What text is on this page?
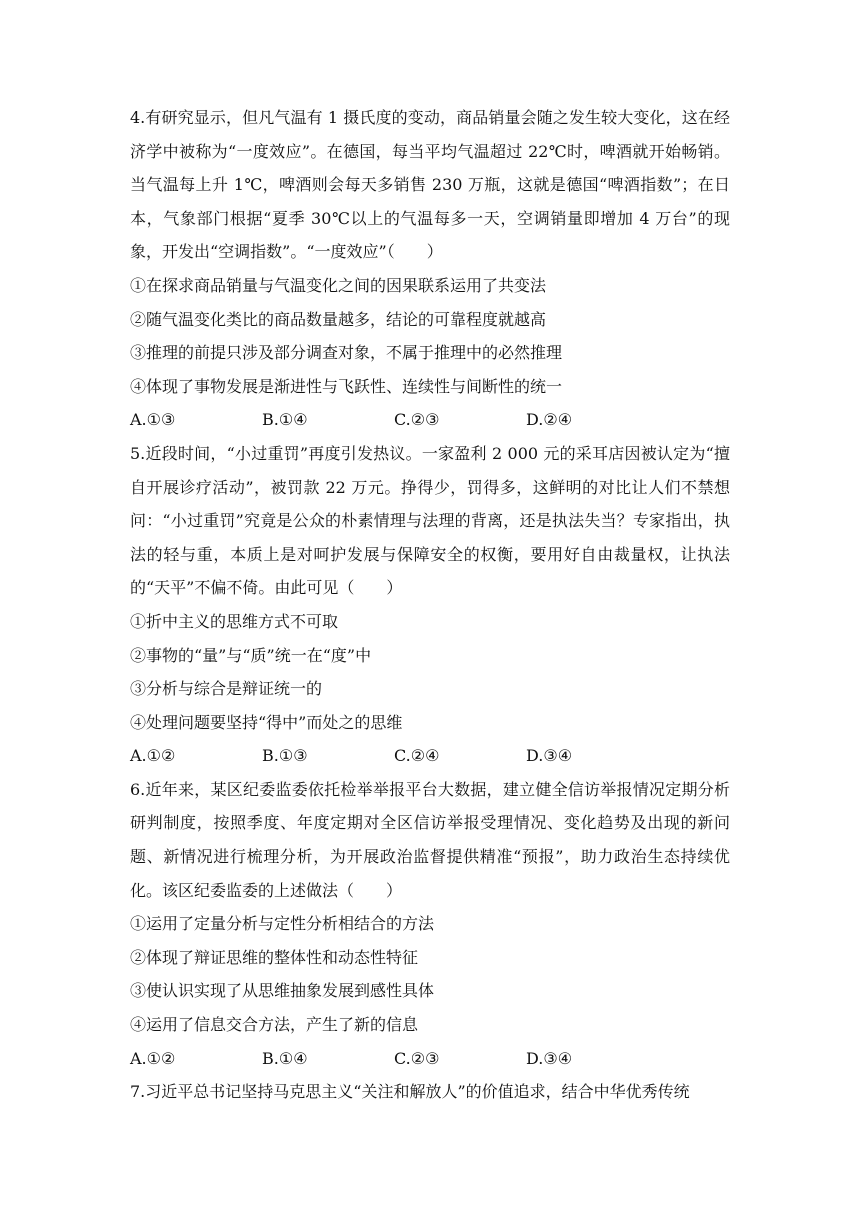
4.有研究显示，但凡气温有 1 摄氏度的变动，商品销量会随之发生较大变化，这在经济学中被称为“一度效应”。在德国，每当平均气温超过 22℃时，啤酒就开始畅销。当气温每上升 1℃，啤酒则会每天多销售 230 万瓶，这就是德国“啤酒指数”；在日本，气象部门根据“夏季 30℃以上的气温每多一天，空调销量即增加 4 万台”的现象，开发出“空调指数”。“一度效应”（　　）

①在探求商品销量与气温变化之间的因果联系运用了共变法

②随气温变化类比的商品数量越多，结论的可靠程度就越高

③推理的前提只涉及部分调查对象，不属于推理中的必然推理

④体现了事物发展是渐进性与飞跃性、连续性与间断性的统一

A.①③	B.①④	C.②③	D.②④

5.近段时间，“小过重罚”再度引发热议。一家盈利 2 000 元的采耳店因被认定为“擅自开展诊疗活动”，被罚款 22 万元。挣得少，罚得多，这鲜明的对比让人们不禁想问：“小过重罚”究竟是公众的朴素情理与法理的背离，还是执法失当？专家指出，执法的轻与重，本质上是对呵护发展与保障安全的权衡，要用好自由裁量权，让执法的“天平”不偏不倚。由此可见（　　）

①折中主义的思维方式不可取

②事物的“量”与“质”统一在“度”中

③分析与综合是辩证统一的

④处理问题要坚持“得中”而处之的思维

A.①②	B.①③	C.②④	D.③④

6.近年来，某区纪委监委依托检举举报平台大数据，建立健全信访举报情况定期分析研判制度，按照季度、年度定期对全区信访举报受理情况、变化趋势及出现的新问题、新情况进行梳理分析，为开展政治监督提供精准“预报”，助力政治生态持续优化。该区纪委监委的上述做法（　　）

①运用了定量分析与定性分析相结合的方法

②体现了辩证思维的整体性和动态性特征

③使认识实现了从思维抽象发展到感性具体

④运用了信息交合方法，产生了新的信息

A.①②	B.①④	C.②③	D.③④

7.习近平总书记坚持马克思主义“关注和解放人”的价值追求，结合中华优秀传统
